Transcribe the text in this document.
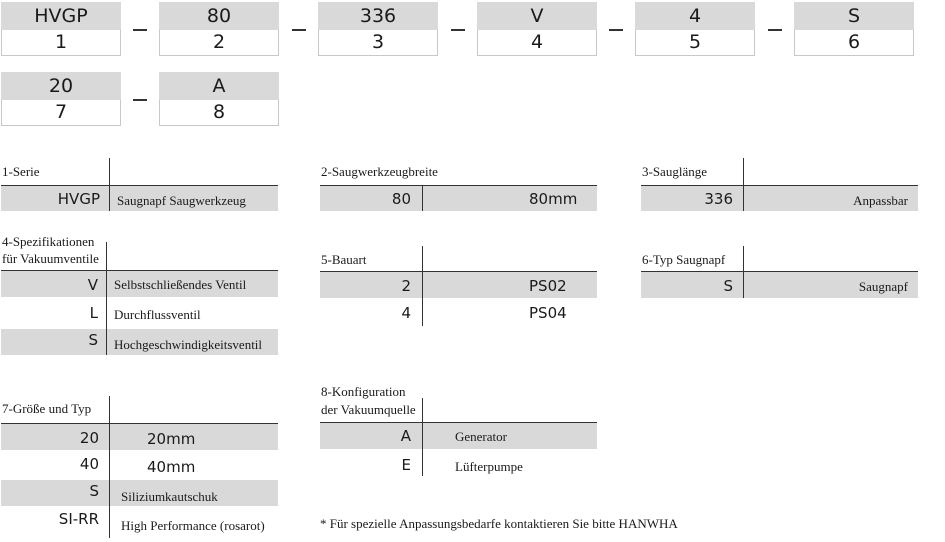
HVGP
1
80
2
336
3
V
4
4
5
S
6
20
7
A
8
1-Serie
HVGP Saugnapf Saugwerkzeug
2-Saugwerkzeugbreite
80	80mm
3-Sauglänge
336	Anpassbar
4-Spezifikationen
für Vakuumventile
V Selbstschließendes Ventil
L Durchflussventil
S Hochgeschwindigkeitsventil
5-Bauart
2	PS02
4	PS04
6-Typ Saugnapf
S	Saugnapf
7-Größe und Typ
20	20mm
40	40mm
S Siliziumkautschuk
SI-RR High Performance (rosarot)
8-Konfiguration
der Vakuumquelle
A	Generator
E	Lüfterpumpe
* Für spezielle Anpassungsbedarfe kontaktieren Sie bitte HANWHA
